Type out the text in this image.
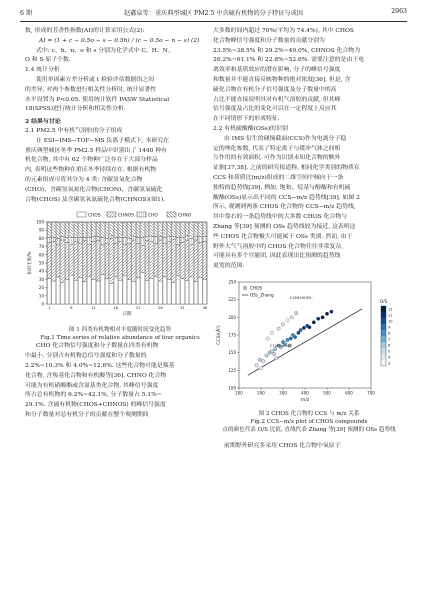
6 期	赵鑫泉等：重庆典型城区 PM2.5 中含硫有机物的分子特征与成因	2963

数, 形成的芳香性指数(AI)的计算采用公式(2):

AI = (1 + c − 0.5o − s − 0.5h) / (c − 0.5o − n − s) (2)

式中: c、h、n、o 和 s 分别为化学式中 C、H、N、

O 和 S 原子个数.

1.4 统计分析

使用单因素方差分析或 t 检验评估数据组之间

的差异, 对两个参数进行相关性分析时, 统计显著性

水平设置为 P<0.05. 使用统计软件 PASW Statistical

18(SPSS)进行统计分析和相关性分析.

2 结果与讨论

2.1 PM2.5 中有机气溶胶的分子组成

在 ESI−IMS−TOF−MS 负离子模式下, 本研究在

重庆典型城区冬季 PM2.5 样品中识别出了 1440 种有

机化合物, 其中有 62 个物种广泛存在于大部分样品

内, 表明这些物种在重庆冬季持续存在. 根据有机物

的元素组成可将其分为 4 类: 含碳氢氧化合物

(CHO)、含碳氢氧氮化合物(CHON)、含碳氢氧硫化

合物(CHOS) 及含碳氢氧氮硫化合物(CHNOS)(图1).

0
10
20
30
40
50
60
70
80
90
100
1	6	11	16	21	26	31	36
日期
相对丰度/%
CHOS	CHNOS	CHO	CHNO

图 1 四类有机物相对丰度随时间变化趋势

Fig.1 Time series of relative abundance of four organics

CHO 化合物信号强度和分子数量在四类有机物

中最小, 分别占有机物总信号强度和分子数量的

2.2%~10.3% 和 4.0%~12.6%. 这些化合物可能是羰基

化合物, 含羧基化合物和有机酸等[36]. CHNO 化合物

可能为有机硝酸酯或含氮基类化合物, 其峰信号强度

所占总有机物的 6.2%~42.1%, 分子数量占 5.1%~

29.1%. 含硫有机物(CHOS+CHNOS) 的峰信号强度

和分子数量对总有机分子的贡献在整个观测期间

大多数时间内超过 70%(平均为 74.4%), 其中 CHOS

化合物峰信号强度和分子数量的贡献分别为

23.5%~38.5% 和 29.2%~49.0%, CHNOS 化合物为

26.2%~61.1% 和 22.8%~52.6%. 需要注意的是由于电

离效率和基质效应的潜在影响, 分子的峰信号强度

和数量并不能直接反映物种的绝对浓度[36], 但是, 含

硫化合物在有机分子信号强度及分子数量中的高

占比不能直接说明其对有机气溶胶的贡献, 但其峰

信号强度及占比的变化可以在一定程度上反应其

在不同情形下的形成特征.

2.2 有机硫酸酯(OSs)的识别

由 IMS 衍生的碰撞截面(CCS)作为电离分子稳

定的理化参数, 代表了特定离子与缓冲气体之间相

互作用的有效面积, 可作为识别未知化合物的额外

证据[37,38]. 之前的研究报道称, 相同化学类别的物质在

CCS 和荷质比(m/z)组成的二维空间中倾向于一条

独特的趋势线[39]. 例如, 饱和、烷基与醇酸和有机硫

酸酯(OSs)显示出不同的 CCS−m/z 趋势线[39]. 如图 2

所示, 观测到两条 CHOS 化合物的 CCS−m/z 趋势线,

其中靠右的一条趋势线中的大多数 CHOS 化合物与

Zhang 等[39] 预测的 OSs 趋势线较为接近, 这表明这

些 CHOS 化合物极大可能属于 OSs 类别. 然而, 由于

野外大气气溶胶中的 CHOS 化合物往往非常复杂,

可能具有多个官能团, 因此表现出比预测的趋势线

更宽的范围.

100	200	300	400	500	600	700
100
125
150
175
200
225
250
m/z
CCS/(Å²)
C16H29O5S⁻
C12H24O4S⁻
CHOS
OSs_Zhang
O/S
3
4
5
6
7
8
9
10
11
12

图 2 CHOS 化合物的 CCS 与 m/z 关系

Fig.2 CCS−m/z plot of CHOS compounds

点的颜色代表 O/S 比值, 直线代表 Zhang 等[39] 预测的 OSs 趋势线

前期野外研究多采用 CHOS 化合物中氧原子
